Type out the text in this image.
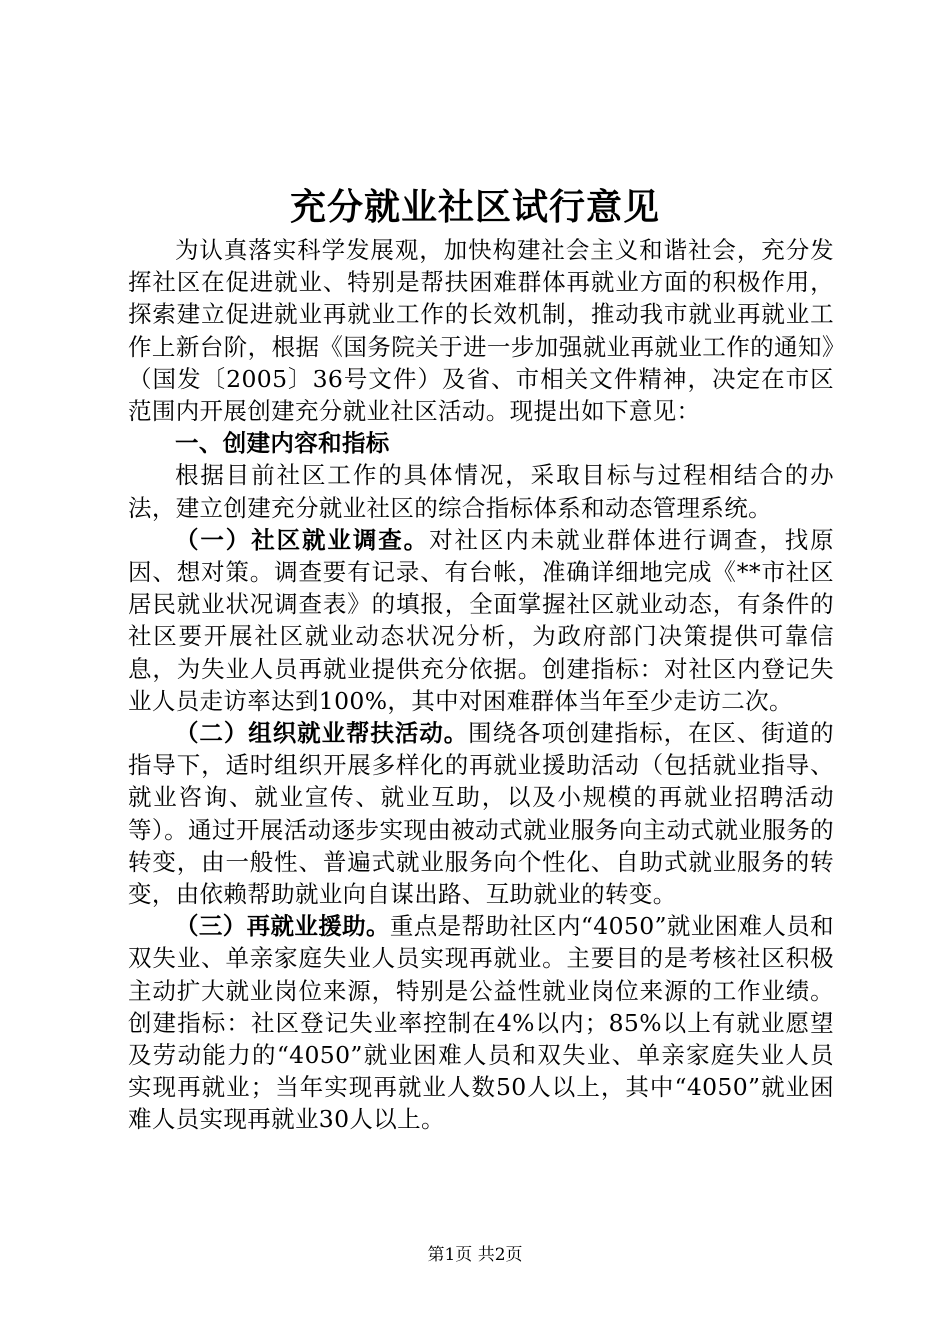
充分就业社区试行意见

为认真落实科学发展观，加快构建社会主义和谐社会，充分发挥社区在促进就业、特别是帮扶困难群体再就业方面的积极作用，探索建立促进就业再就业工作的长效机制，推动我市就业再就业工作上新台阶，根据《国务院关于进一步加强就业再就业工作的通知》（国发〔2005〕36号文件）及省、市相关文件精神，决定在市区范围内开展创建充分就业社区活动。现提出如下意见：

一、创建内容和指标

根据目前社区工作的具体情况，采取目标与过程相结合的办法，建立创建充分就业社区的综合指标体系和动态管理系统。

（一）社区就业调查。对社区内未就业群体进行调查，找原因、想对策。调查要有记录、有台帐，准确详细地完成《**市社区居民就业状况调查表》的填报，全面掌握社区就业动态，有条件的社区要开展社区就业动态状况分析，为政府部门决策提供可靠信息，为失业人员再就业提供充分依据。创建指标：对社区内登记失业人员走访率达到100%，其中对困难群体当年至少走访二次。

（二）组织就业帮扶活动。围绕各项创建指标，在区、街道的指导下，适时组织开展多样化的再就业援助活动（包括就业指导、就业咨询、就业宣传、就业互助，以及小规模的再就业招聘活动等）。通过开展活动逐步实现由被动式就业服务向主动式就业服务的转变，由一般性、普遍式就业服务向个性化、自助式就业服务的转变，由依赖帮助就业向自谋出路、互助就业的转变。

（三）再就业援助。重点是帮助社区内“4050”就业困难人员和双失业、单亲家庭失业人员实现再就业。主要目的是考核社区积极主动扩大就业岗位来源，特别是公益性就业岗位来源的工作业绩。创建指标：社区登记失业率控制在4%以内；85%以上有就业愿望及劳动能力的“4050”就业困难人员和双失业、单亲家庭失业人员实现再就业；当年实现再就业人数50人以上，其中“4050”就业困难人员实现再就业30人以上。

第1页 共2页
